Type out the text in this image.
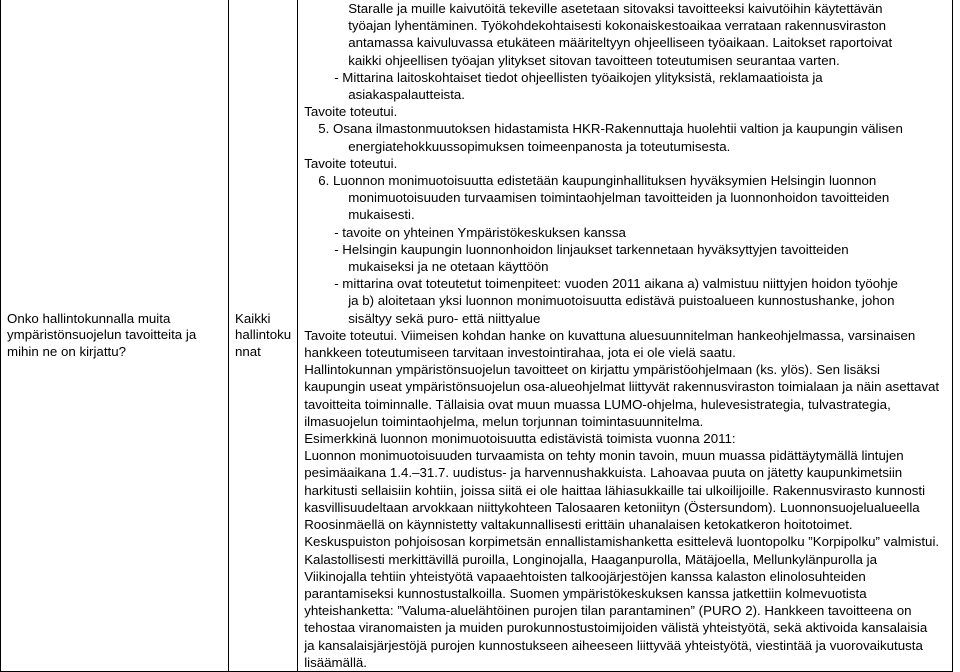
Onko hallintokunnalla muita ympäristönsuojelun tavoitteita ja mihin ne on kirjattu?

Kaikki hallintoku nnat

Staralle ja muille kaivutöitä tekeville asetetaan sitovaksi tavoitteeksi kaivutöihin käytettävän
työajan lyhentäminen. Työkohdekohtaisesti kokonaiskestoaikaa verrataan rakennusviraston
antamassa kaivuluvassa etukäteen määriteltyyn ohjeelliseen työaikaan. Laitokset raportoivat
kaikki ohjeellisen työajan ylitykset sitovan tavoitteen toteutumisen seurantaa varten.
- Mittarina laitoskohtaiset tiedot ohjeellisten työaikojen ylityksistä, reklamaatioista ja
asiakaspalautteista.
Tavoite toteutui.
5. Osana ilmastonmuutoksen hidastamista HKR-Rakennuttaja huolehtii valtion ja kaupungin välisen
energiatehokkuussopimuksen toimeenpanosta ja toteutumisesta.
Tavoite toteutui.
6. Luonnon monimuotoisuutta edistetään kaupunginhallituksen hyväksymien Helsingin luonnon
monimuotoisuuden turvaamisen toimintaohjelman tavoitteiden ja luonnonhoidon tavoitteiden
mukaisesti.
- tavoite on yhteinen Ympäristökeskuksen kanssa
- Helsingin kaupungin luonnonhoidon linjaukset tarkennetaan hyväksyttyjen tavoitteiden
mukaiseksi ja ne otetaan käyttöön
- mittarina ovat toteutetut toimenpiteet: vuoden 2011 aikana a) valmistuu niittyjen hoidon työohje
ja b) aloitetaan yksi luonnon monimuotoisuutta edistävä puistoalueen kunnostushanke, johon
sisältyy sekä puro- että niittyalue
Tavoite toteutui. Viimeisen kohdan hanke on kuvattuna aluesuunnitelman hankeohjelmassa, varsinaisen
hankkeen toteutumiseen tarvitaan investointirahaa, jota ei ole vielä saatu.
Hallintokunnan ympäristönsuojelun tavoitteet on kirjattu ympäristöohjelmaan (ks. ylös). Sen lisäksi
kaupungin useat ympäristönsuojelun osa-alueohjelmat liittyvät rakennusviraston toimialaan ja näin asettavat
tavoitteita toiminnalle. Tällaisia ovat muun muassa LUMO-ohjelma, hulevesistrategia, tulvastrategia,
ilmasuojelun toimintaohjelma, melun torjunnan toimintasuunnitelma.
Esimerkkinä luonnon monimuotoisuutta edistävistä toimista vuonna 2011:
Luonnon monimuotoisuuden turvaamista on tehty monin tavoin, muun muassa pidättäytymällä lintujen
pesimäaikana 1.4.–31.7. uudistus- ja harvennushakkuista. Lahoavaa puuta on jätetty kaupunkimetsiin
harkitusti sellaisiin kohtiin, joissa siitä ei ole haittaa lähiasukkaille tai ulkoilijoille. Rakennusvirasto kunnosti
kasvillisuudeltaan arvokkaan niittykohteen Talosaaren ketoniityn (Östersundom). Luonnonsuojelualueella
Roosinmäellä on käynnistetty valtakunnallisesti erittäin uhanalaisen ketokatkeron hoitotoimet.
Keskuspuiston pohjoisosan korpimetsän ennallistamishanketta esittelevä luontopolku ”Korpipolku” valmistui.
Kalastollisesti merkittävillä puroilla, Longinojalla, Haaganpurolla, Mätäjoella, Mellunkylänpurolla ja
Viikinojalla tehtiin yhteistyötä vapaaehtoisten talkoojärjestöjen kanssa kalaston elinolosuhteiden
parantamiseksi kunnostustalkoilla. Suomen ympäristökeskuksen kanssa jatkettiin kolmevuotista
yhteishanketta: ”Valuma-aluelähtöinen purojen tilan parantaminen” (PURO 2). Hankkeen tavoitteena on
tehostaa viranomaisten ja muiden purokunnostustoimijoiden välistä yhteistyötä, sekä aktivoida kansalaisia
ja kansalaisjärjestöjä purojen kunnostukseen aiheeseen liittyvää yhteistyötä, viestintää ja vuorovaikutusta
lisäämällä.
